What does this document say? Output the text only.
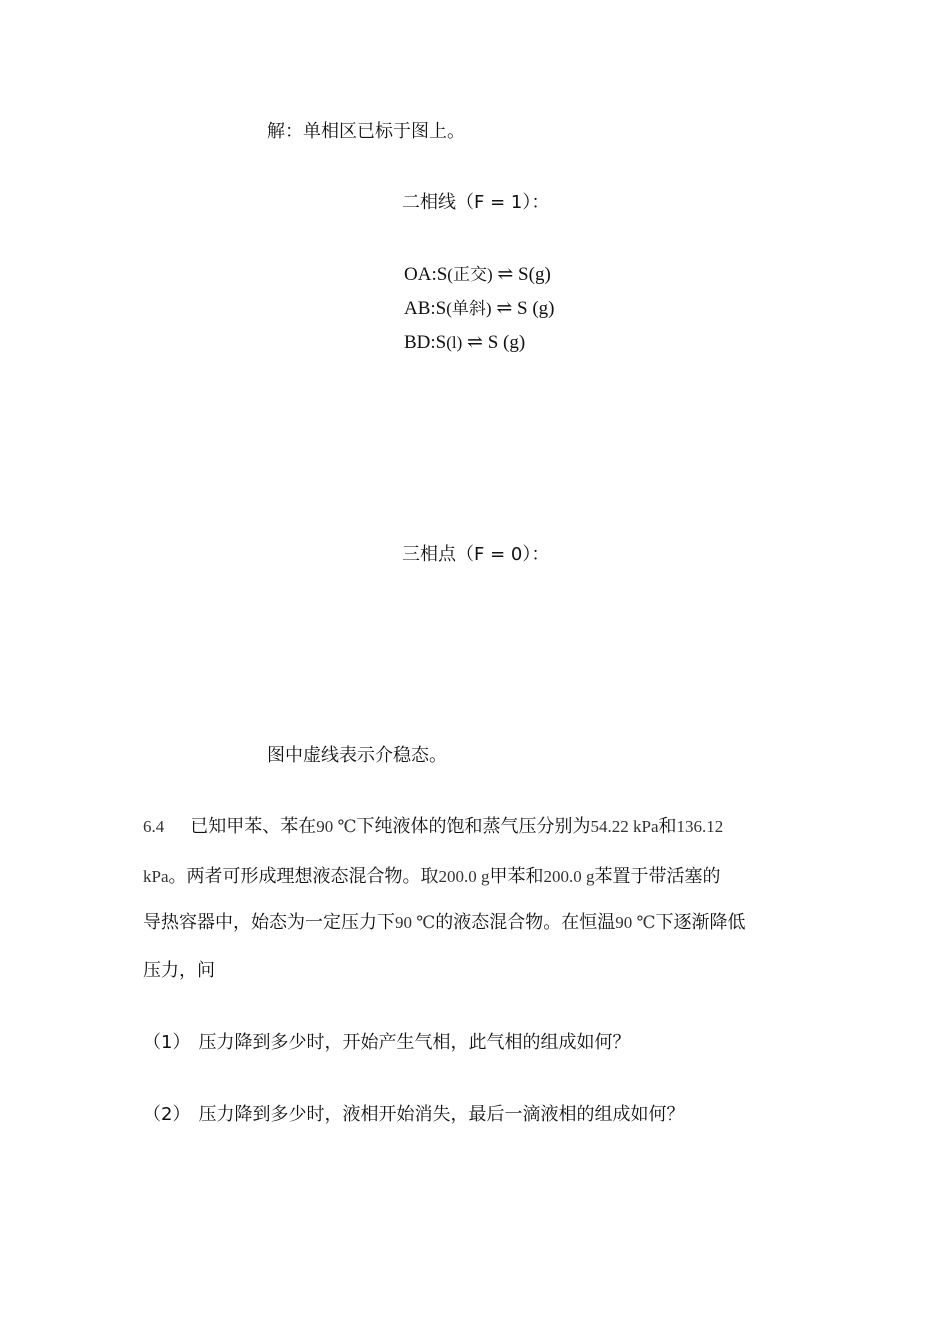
解：单相区已标于图上。
二相线（F = 1）：
OA:S(正交) ⇌ S(g)
AB:S(单斜) ⇌ S (g)
BD:S(l) ⇌ S (g)
三相点（F = 0）：
图中虚线表示介稳态。
6.4 已知甲苯、苯在90 ℃下纯液体的饱和蒸气压分别为54.22 kPa和136.12
kPa。两者可形成理想液态混合物。取200.0 g甲苯和200.0 g苯置于带活塞的
导热容器中，始态为一定压力下90 ℃的液态混合物。在恒温90 ℃下逐渐降低
压力，问
（1） 压力降到多少时，开始产生气相，此气相的组成如何？
（2） 压力降到多少时，液相开始消失，最后一滴液相的组成如何？
